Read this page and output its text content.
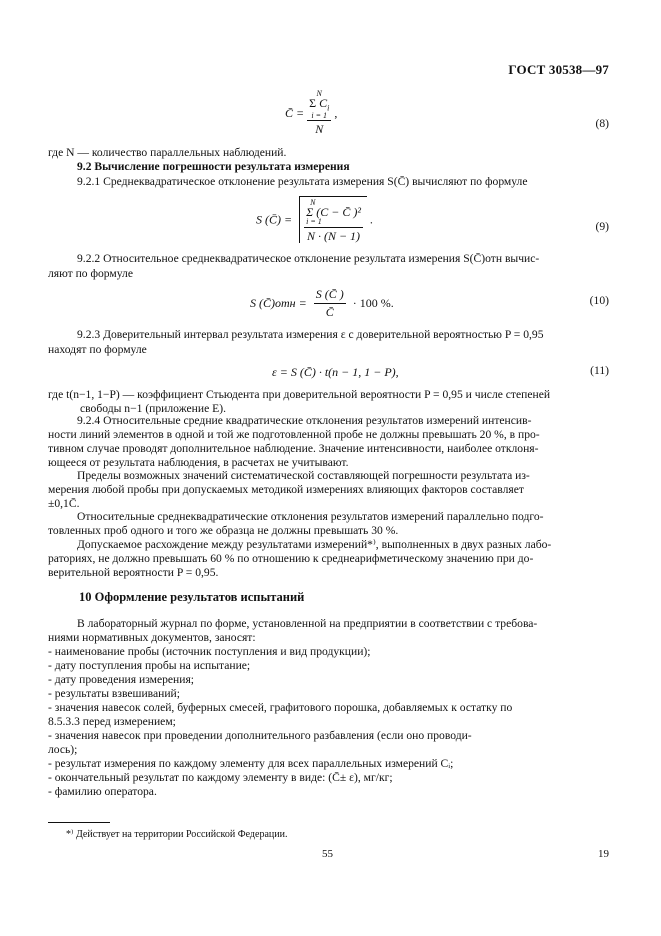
ГОСТ 30538—97
C̄ = N
Σ $C_i$
i = 1
N ,
(8)
где N — количество параллельных наблюдений.
9.2 Вычисление погрешности результата измерения
9.2.1 Среднеквадратическое отклонение результата измерения S(C̄) вычисляют по формуле
S (C̄) = N
Σ (C − C̄ )²
i = 1
N · (N − 1) .
(9)
9.2.2 Относительное среднеквадратическое отклонение результата измерения S(C̄)отн вычис-
ляют по формуле
S (C̄)отн = $\frac{S (C̄ )}{C̄} \cdot 100$ %.	(10)
9.2.3 Доверительный интервал результата измерения ε с доверительной вероятностью P = 0,95
находят по формуле
ε = S (C̄) · t(n − 1, 1 − P),	(11)
где t(n−1, 1−P) — коэффициент Стьюдента при доверительной вероятности P = 0,95 и числе степеней
свободы n−1 (приложение Е).
9.2.4 Относительные средние квадратические отклонения результатов измерений интенсив-
ности линий элементов в одной и той же подготовленной пробе не должны превышать 20 %, в про-
тивном случае проводят дополнительное наблюдение. Значение интенсивности, наиболее отклоня-
ющееся от результата наблюдения, в расчетах не учитывают.
Пределы возможных значений систематической составляющей погрешности результата из-
мерения любой пробы при допускаемых методикой измерениях влияющих факторов составляет
±0,1C̄.
Относительные среднеквадратические отклонения результатов измерений параллельно подго-
товленных проб одного и того же образца не должны превышать 30 %.
Допускаемое расхождение между результатами измерений*⁾, выполненных в двух разных лабо-
раториях, не должно превышать 60 % по отношению к среднеарифметическому значению при до-
верительной вероятности P = 0,95.
10 Оформление результатов испытаний
В лабораторный журнал по форме, установленной на предприятии в соответствии с требова-
ниями нормативных документов, заносят:
- наименование пробы (источник поступления и вид продукции);
- дату поступления пробы на испытание;
- дату проведения измерения;
- результаты взвешиваний;
- значения навесок солей, буферных смесей, графитового порошка, добавляемых к остатку по
8.5.3.3 перед измерением;
- значения навесок при проведении дополнительного разбавления (если оно проводи-
лось);
- результат измерения по каждому элементу для всех параллельных измерений Cᵢ;
- окончательный результат по каждому элементу в виде: (C̄± ε), мг/кг;
- фамилию оператора.
*⁾ Действует на территории Российской Федерации.
55	19
